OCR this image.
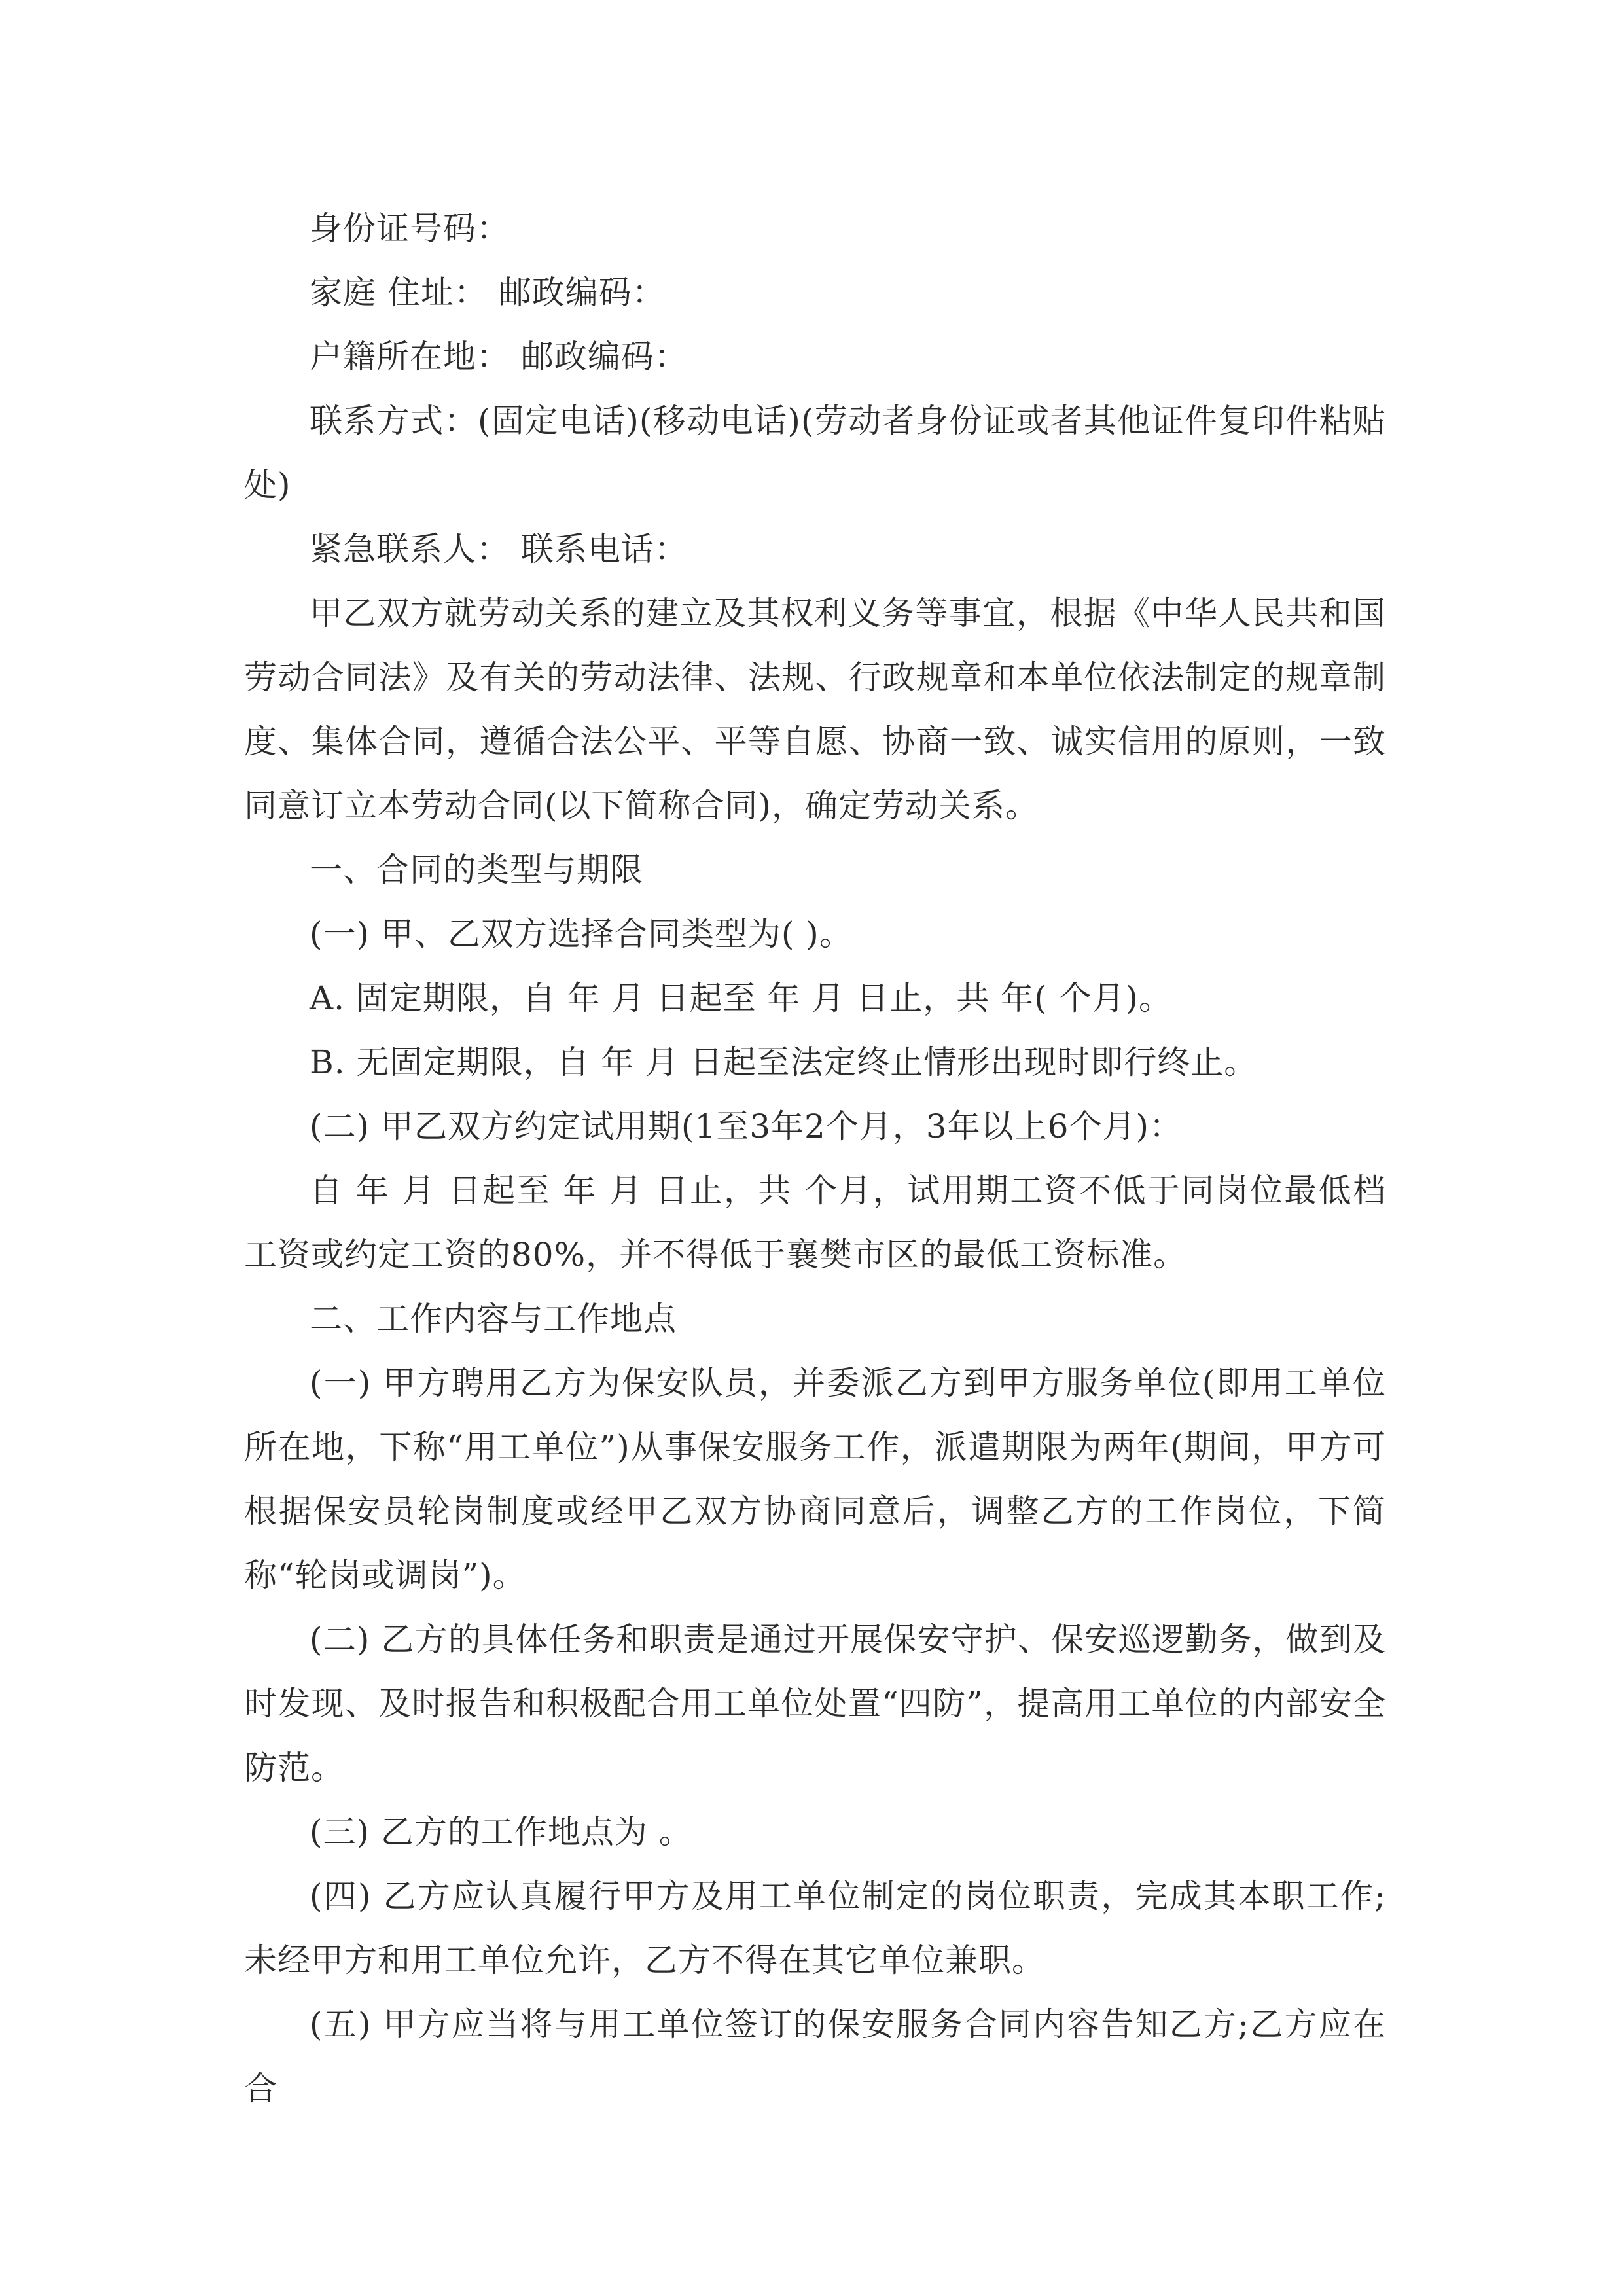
身份证号码：

家庭 住址： 邮政编码：

户籍所在地： 邮政编码：

联系方式：(固定电话)(移动电话)(劳动者身份证或者其他证件复印件粘贴处)

紧急联系人： 联系电话：

甲乙双方就劳动关系的建立及其权利义务等事宜，根据《中华人民共和国劳动合同法》及有关的劳动法律、法规、行政规章和本单位依法制定的规章制度、集体合同，遵循合法公平、平等自愿、协商一致、诚实信用的原则，一致同意订立本劳动合同(以下简称合同)，确定劳动关系。

一、合同的类型与期限

(一) 甲、乙双方选择合同类型为( )。

A. 固定期限，自 年 月 日起至 年 月 日止，共 年( 个月)。

B. 无固定期限，自 年 月 日起至法定终止情形出现时即行终止。

(二) 甲乙双方约定试用期(1至3年2个月，3年以上6个月)：

自 年 月 日起至 年 月 日止，共 个月，试用期工资不低于同岗位最低档工资或约定工资的80%，并不得低于襄樊市区的最低工资标准。

二、工作内容与工作地点

(一) 甲方聘用乙方为保安队员，并委派乙方到甲方服务单位(即用工单位所在地，下称“用工单位”)从事保安服务工作，派遣期限为两年(期间，甲方可根据保安员轮岗制度或经甲乙双方协商同意后，调整乙方的工作岗位，下简称“轮岗或调岗”)。

(二) 乙方的具体任务和职责是通过开展保安守护、保安巡逻勤务，做到及时发现、及时报告和积极配合用工单位处置“四防”，提高用工单位的内部安全防范。

(三) 乙方的工作地点为 。

(四) 乙方应认真履行甲方及用工单位制定的岗位职责，完成其本职工作;未经甲方和用工单位允许，乙方不得在其它单位兼职。

(五) 甲方应当将与用工单位签订的保安服务合同内容告知乙方;乙方应在合
